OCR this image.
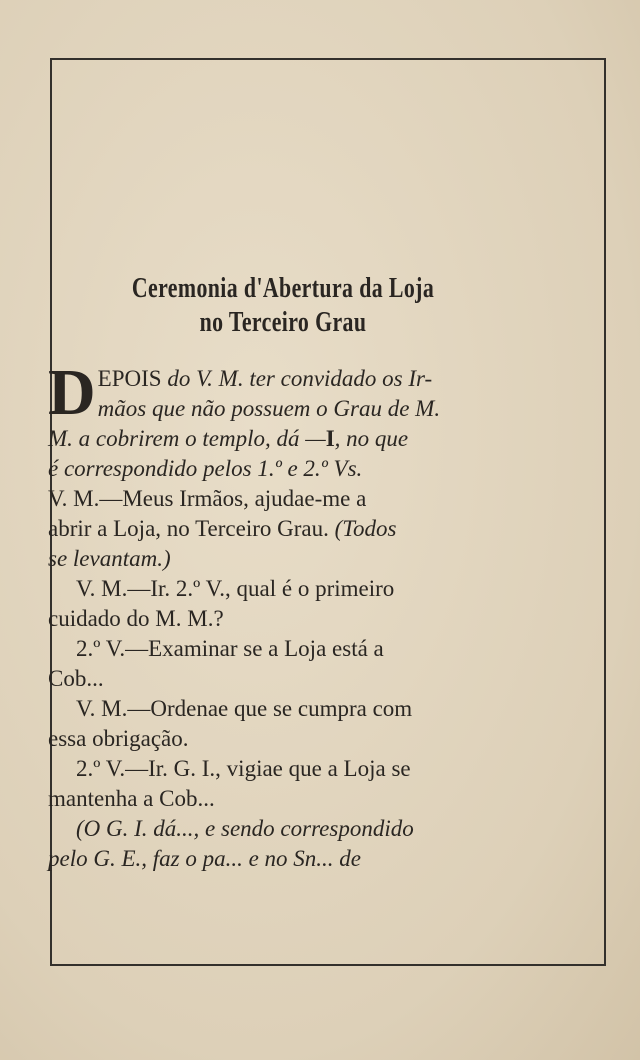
Ceremonia d'Abertura da Loja
no Terceiro Grau
D EPOIS do V. M. ter convidado os Ir-
mãos que não possuem o Grau de M.
M. a cobrirem o templo, dá —I, no que
é correspondido pelos 1.º e 2.º Vs.
V. M.—Meus Irmãos, ajudae-me a
abrir a Loja, no Terceiro Grau. (Todos
se levantam.)
V. M.—Ir. 2.º V., qual é o primeiro
cuidado do M. M.?
2.º V.—Examinar se a Loja está a
Cob...
V. M.—Ordenae que se cumpra com
essa obrigação.
2.º V.—Ir. G. I., vigiae que a Loja se
mantenha a Cob...
(O G. I. dá..., e sendo correspondido
pelo G. E., faz o pa... e no Sn... de
